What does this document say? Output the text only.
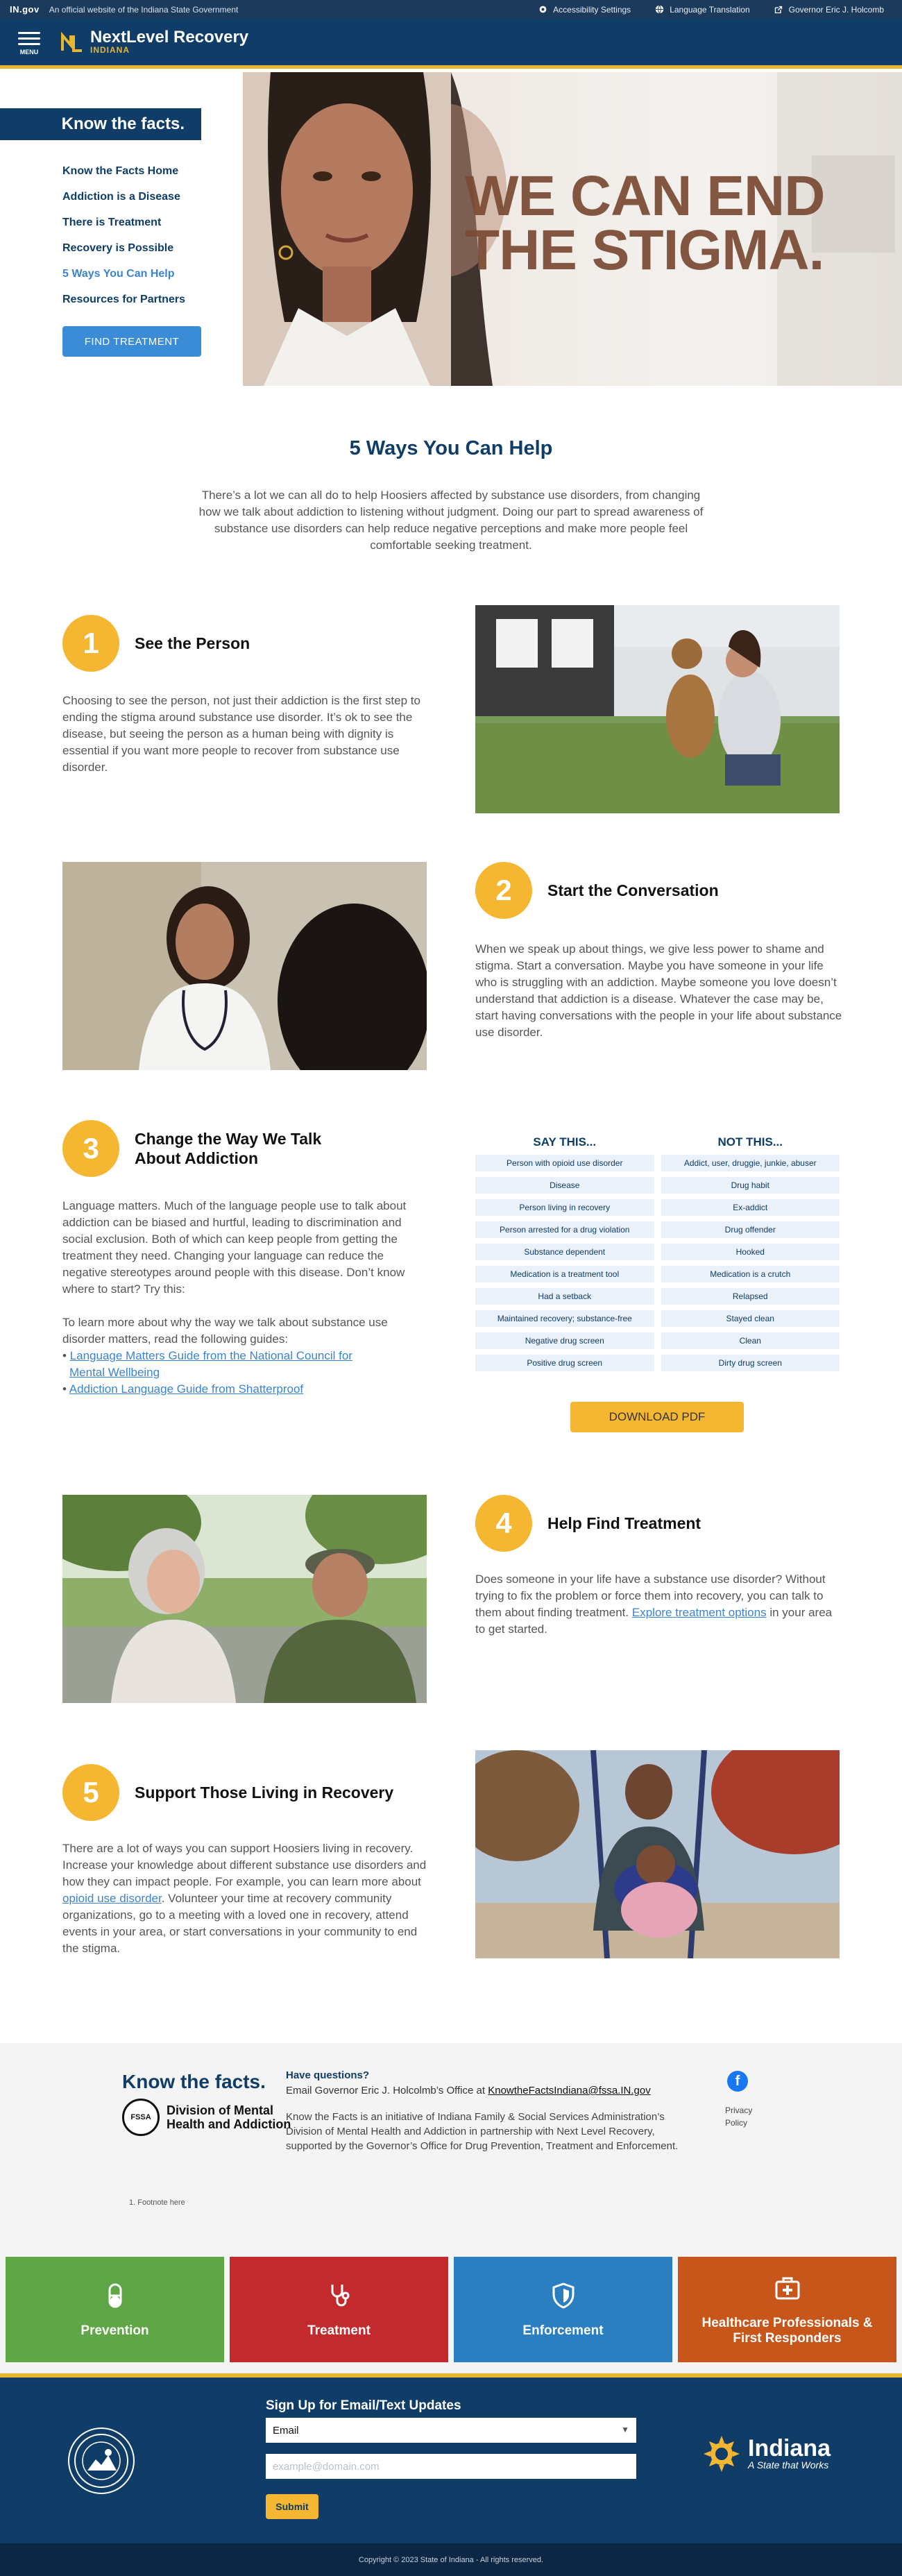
IN.gov An official website of the Indiana State Government	Accessibility Settings	Language Translation	Governor Eric J. Holcomb
MENU
NextLevel Recovery
INDIANA
WE CAN END
THE STIGMA.
Know the facts.
Know the Facts Home
Addiction is a Disease
There is Treatment
Recovery is Possible
5 Ways You Can Help
Resources for Partners
FIND TREATMENT
5 Ways You Can Help
There’s a lot we can all do to help Hoosiers affected by substance use disorders, from changing how we talk about addiction to listening without judgment. Doing our part to spread awareness of substance use disorders can help reduce negative perceptions and make more people feel comfortable seeking treatment.
1	See the Person
Choosing to see the person, not just their addiction is the first step to ending the stigma around substance use disorder. It’s ok to see the disease, but seeing the person as a human being with dignity is essential if you want more people to recover from substance use disorder.
2	Start the Conversation
When we speak up about things, we give less power to shame and stigma. Start a conversation. Maybe you have someone in your life who is struggling with an addiction. Maybe someone you love doesn’t understand that addiction is a disease. Whatever the case may be, start having conversations with the people in your life about substance use disorder.
3	Change the Way We Talk
About Addiction
Language matters. Much of the language people use to talk about addiction can be biased and hurtful, leading to discrimination and social exclusion. Both of which can keep people from getting the treatment they need. Changing your language can reduce the negative stereotypes around people with this disease. Don’t know where to start? Try this:
To learn more about why the way we talk about substance use disorder matters, read the following guides:
• Language Matters Guide from the National Council for
Mental Wellbeing
• Addiction Language Guide from Shatterproof
SAY THIS...	NOT THIS...
Person with opioid use disorder	Addict, user, druggie, junkie, abuser
Disease	Drug habit
Person living in recovery	Ex-addict
Person arrested for a drug violation	Drug offender
Substance dependent	Hooked
Medication is a treatment tool	Medication is a crutch
Had a setback	Relapsed
Maintained recovery; substance-free	Stayed clean
Negative drug screen	Clean
Positive drug screen	Dirty drug screen
DOWNLOAD PDF
4	Help Find Treatment
Does someone in your life have a substance use disorder? Without trying to fix the problem or force them into recovery, you can talk to them about finding treatment. Explore treatment options in your area to get started.
5	Support Those Living in Recovery
There are a lot of ways you can support Hoosiers living in recovery. Increase your knowledge about different substance use disorders and how they can impact people. For example, you can learn more about opioid use disorder. Volunteer your time at recovery community organizations, go to a meeting with a loved one in recovery, attend events in your area, or start conversations in your community to end the stigma.
Know the facts.
FSSA	Division of Mental
Health and Addiction
Have questions?
Email Governor Eric J. Holcolmb’s Office at KnowtheFactsIndiana@fssa.IN.gov
Know the Facts is an initiative of Indiana Family & Social Services Administration’s Division of Mental Health and Addiction in partnership with Next Level Recovery, supported by the Governor’s Office for Drug Prevention, Treatment and Enforcement.
f
Privacy Policy
1. Footnote here
Prevention	Treatment	Enforcement
Healthcare Professionals & First Responders
Sign Up for Email/Text Updates
Email	▼
example@domain.com
Submit
Indiana
A State that Works
Copyright © 2023 State of Indiana - All rights reserved.
